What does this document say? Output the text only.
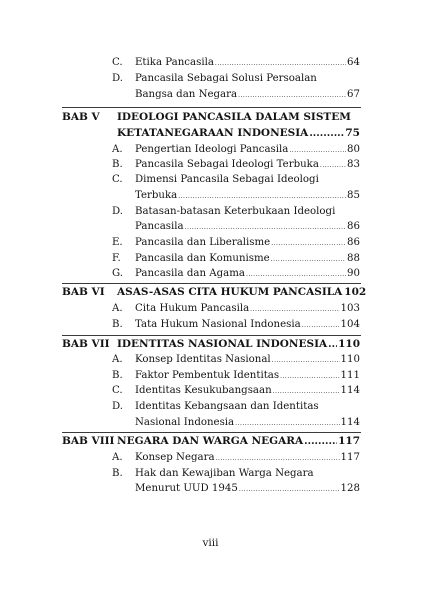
C. Etika Pancasila .....	64
D. Pancasila Sebagai Solusi Persoalan
Bangsa dan Negara .....	67
BAB V IDEOLOGI PANCASILA DALAM SISTEM
KETATANEGARAAN INDONESIA .....	75
A. Pengertian Ideologi Pancasila .....	80
B. Pancasila Sebagai Ideologi Terbuka .....	83
C. Dimensi Pancasila Sebagai Ideologi
Terbuka .....	85
D. Batasan-batasan Keterbukaan Ideologi
Pancasila .....	86
E. Pancasila dan Liberalisme .....	86
F. Pancasila dan Komunisme .....	88
G. Pancasila dan Agama .....	90
BAB VI ASAS-ASAS CITA HUKUM PANCASILA 102
A. Cita Hukum Pancasila .....	103
B. Tata Hukum Nasional Indonesia .....	104
BAB VII IDENTITAS NASIONAL INDONESIA ..... 110
A. Konsep Identitas Nasional .....	110
B. Faktor Pembentuk Identitas .....	111
C. Identitas Kesukubangsaan .....	114
D. Identitas Kebangsaan dan Identitas
Nasional Indonesia .....	114
BAB VIII NEGARA DAN WARGA NEGARA .....	117
A. Konsep Negara .....	117
B. Hak dan Kewajiban Warga Negara
Menurut UUD 1945 .....	128
viii
